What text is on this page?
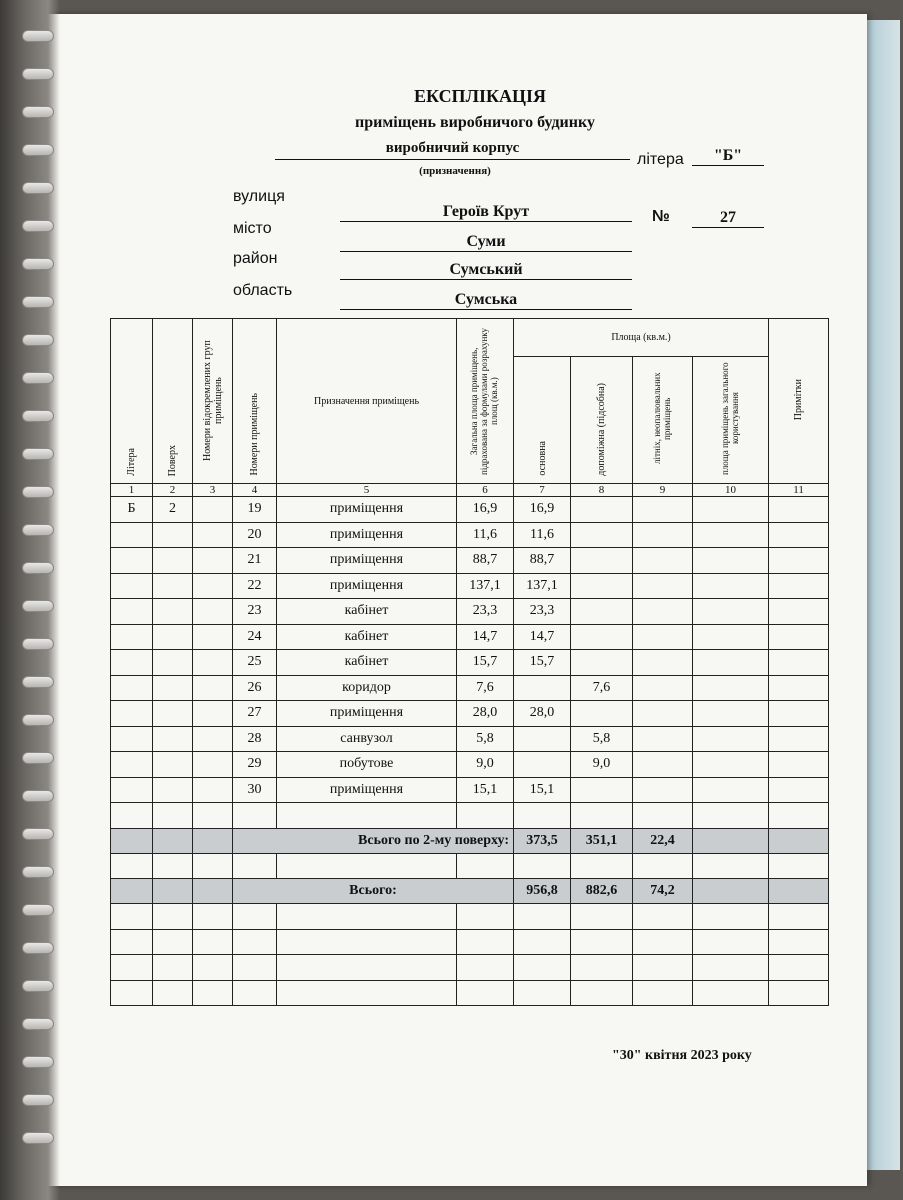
ЕКСПЛІКАЦІЯ
приміщень виробничого будинку
виробничий корпус
(призначення)
літера	"Б"
вулиця
Героїв Крут	№	27
місто
Суми
район
Сумський
область
Сумська
Літера	Поверх	Номери відокремлених груп приміщень	Номери приміщень	Призначення приміщень	Загальна площа приміщень, підрахована за формулами розрахунку площ (кв.м.)	Площа (кв.м.)				Примітки
						основна	допоміжна (підсобна)	літніх, неопалювальних приміщень	площа приміщень загального користування	
1	2	3	4	5	6	7	8	9	10	11
Б	2		19	приміщення	16,9	16,9				
			20	приміщення	11,6	11,6				
			21	приміщення	88,7	88,7				
			22	приміщення	137,1	137,1				
			23	кабінет	23,3	23,3				
			24	кабінет	14,7	14,7				
			25	кабінет	15,7	15,7				
			26	коридор	7,6		7,6			
			27	приміщення	28,0	28,0				
			28	санвузол	5,8		5,8			
			29	побутове	9,0		9,0			
			30	приміщення	15,1	15,1				

			Всього по 2-му поверху:			373,5	351,1	22,4		

			Всього:			956,8	882,6	74,2		

"30" квітня 2023 року
